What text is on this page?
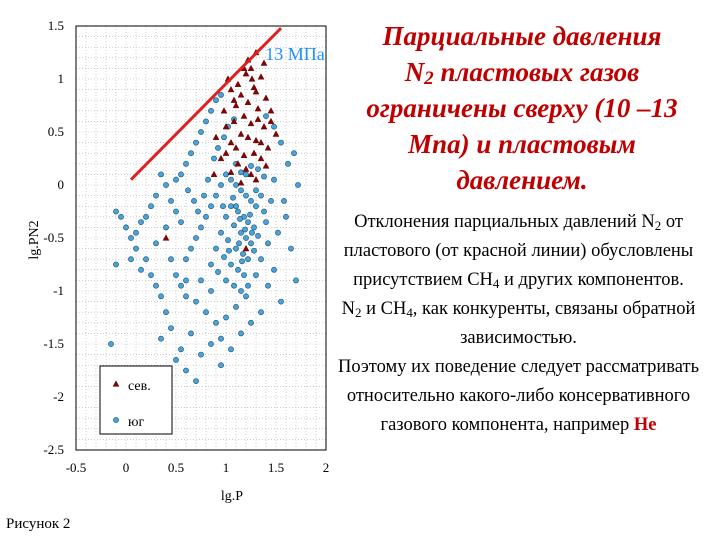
1.5
1
0.5
0
-0.5
-1
-1.5
-2
-2.5
-0.5	0	0.5	1	1.5	2
lg.PN2
lg.P
13 MПа
сев.
юг
Парциальные давления
$N_2$ пластовых газов
ограничены сверху (10 –13
Mпа) и пластовым
давлением.

Отклонения парциальных давлений $N_2$ от пластового (от красной линии) обусловлены присутствием $CH_4$ и других компонентов.

$N_2$ и $CH_4$, как конкуренты, связаны обратной зависимостью.

Поэтому их поведение следует рассматривать относительно какого-либо консервативного газового компонента, например Не

Рисунок 2
